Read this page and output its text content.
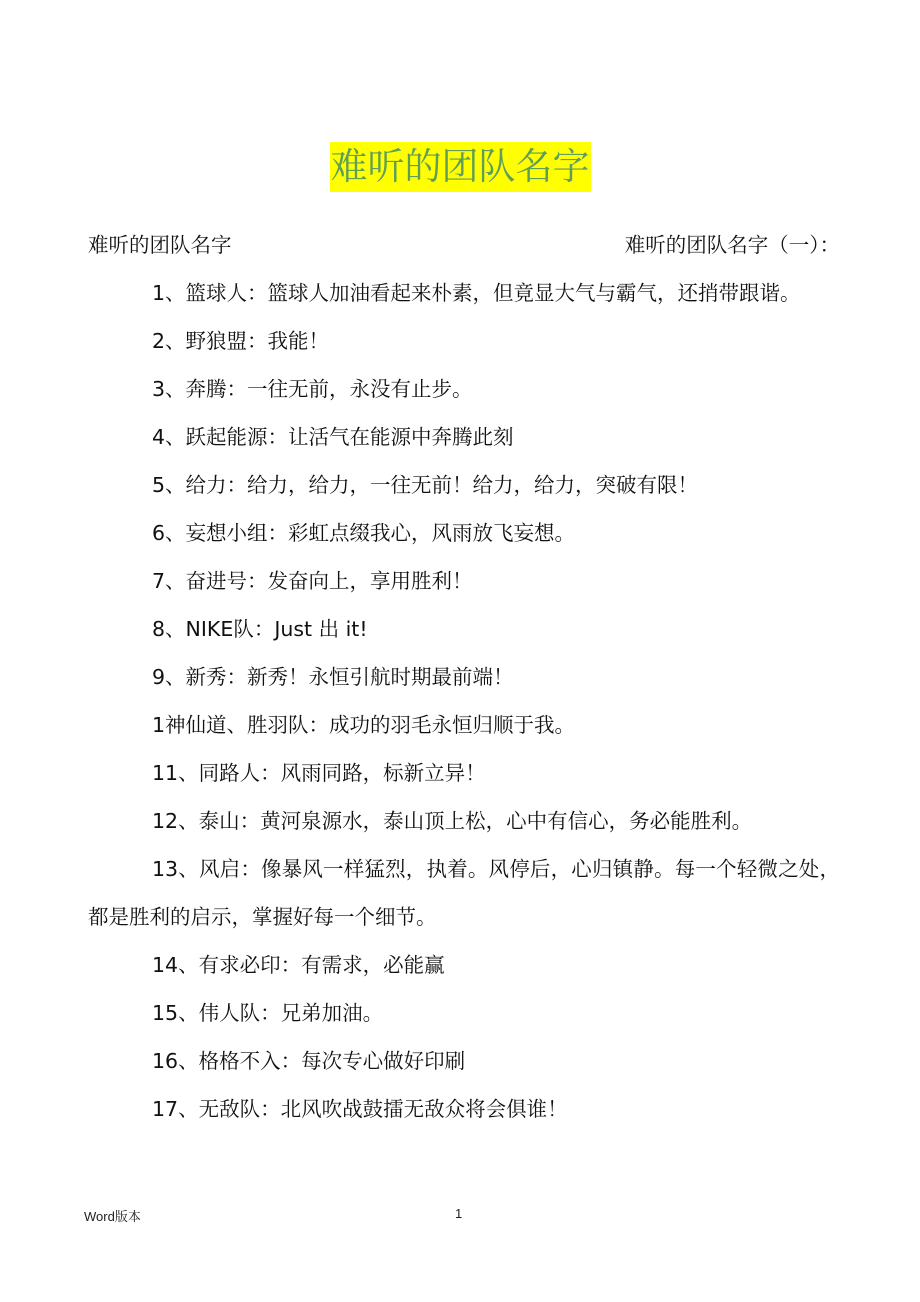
难听的团队名字
难听的团队名字	难听的团队名字（一）：

1、篮球人：篮球人加油看起来朴素，但竟显大气与霸气，还捎带跟谐。

2、野狼盟：我能！

3、奔腾：一往无前，永没有止步。

4、跃起能源：让活气在能源中奔腾此刻

5、给力：给力，给力，一往无前！给力，给力，突破有限！

6、妄想小组：彩虹点缀我心，风雨放飞妄想。

7、奋进号：发奋向上，享用胜利！

8、NIKE队：Just 出 it!

9、新秀：新秀！永恒引航时期最前端！

1神仙道、胜羽队：成功的羽毛永恒归顺于我。

11、同路人：风雨同路，标新立异！

12、泰山：黄河泉源水，泰山顶上松，心中有信心，务必能胜利。

13、风启：像暴风一样猛烈，执着。风停后，心归镇静。每一个轻微之处，都是胜利的启示，掌握好每一个细节。

14、有求必印：有需求，必能赢

15、伟人队：兄弟加油。

16、格格不入：每次专心做好印刷

17、无敌队：北风吹战鼓擂无敌众将会俱谁！

Word版本	1
